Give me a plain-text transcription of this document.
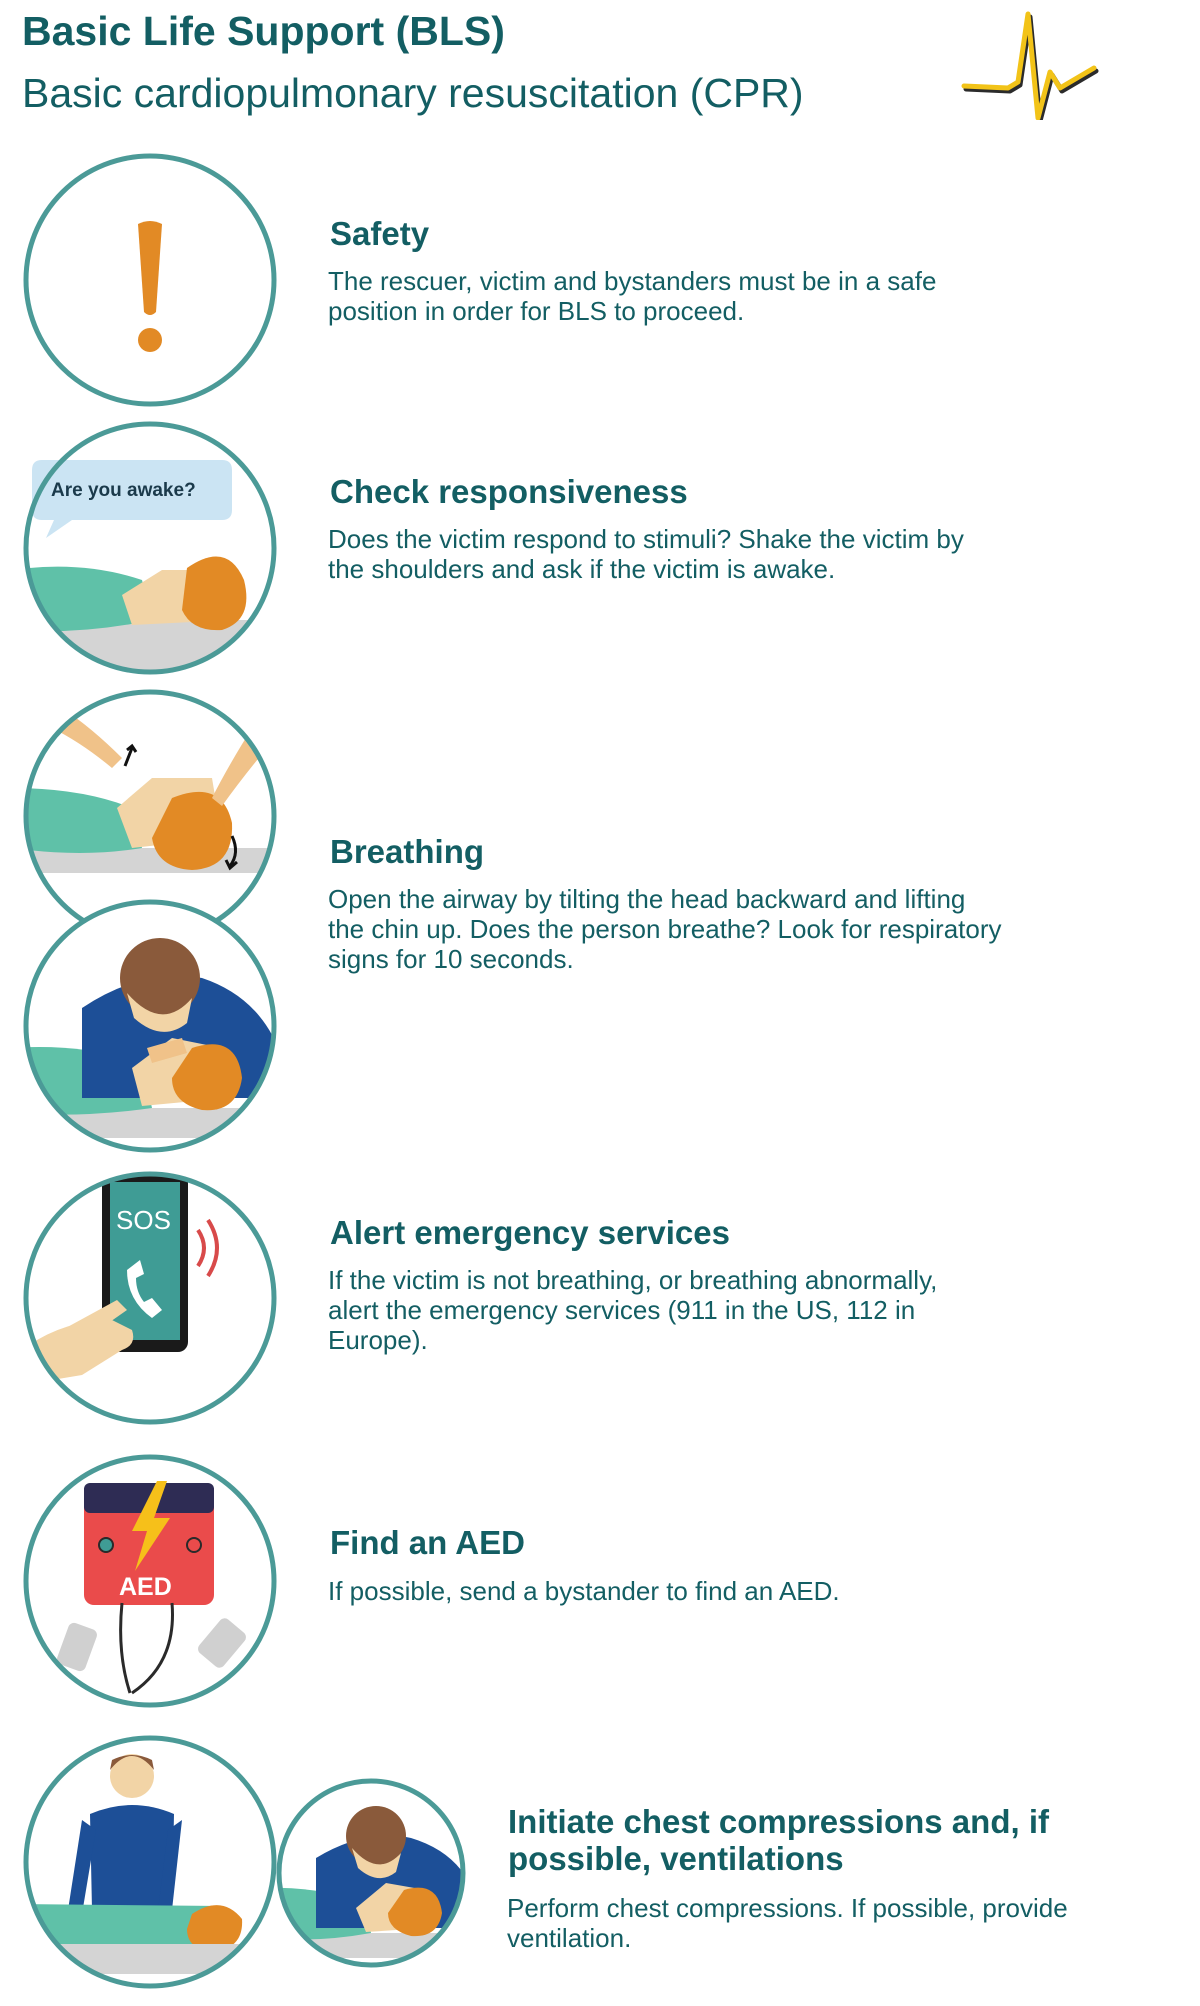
Basic Life Support (BLS)
Basic cardiopulmonary resuscitation (CPR)
Safety
The rescuer, victim and bystanders must be in a safe position in order for BLS to proceed.
Are you awake?	Check responsiveness
Does the victim respond to stimuli? Shake the victim by the shoulders and ask if the victim is awake.
Breathing
Open the airway by tilting the head backward and lifting the chin up. Does the person breathe? Look for respiratory signs for 10 seconds.
SOS	Alert emergency services
If the victim is not breathing, or breathing abnormally, alert the emergency services (911 in the US, 112 in Europe).
AED
Find an AED
If possible, send a bystander to find an AED.
Initiate chest compressions and, if possible, ventilations
Perform chest compressions. If possible, provide ventilation.
